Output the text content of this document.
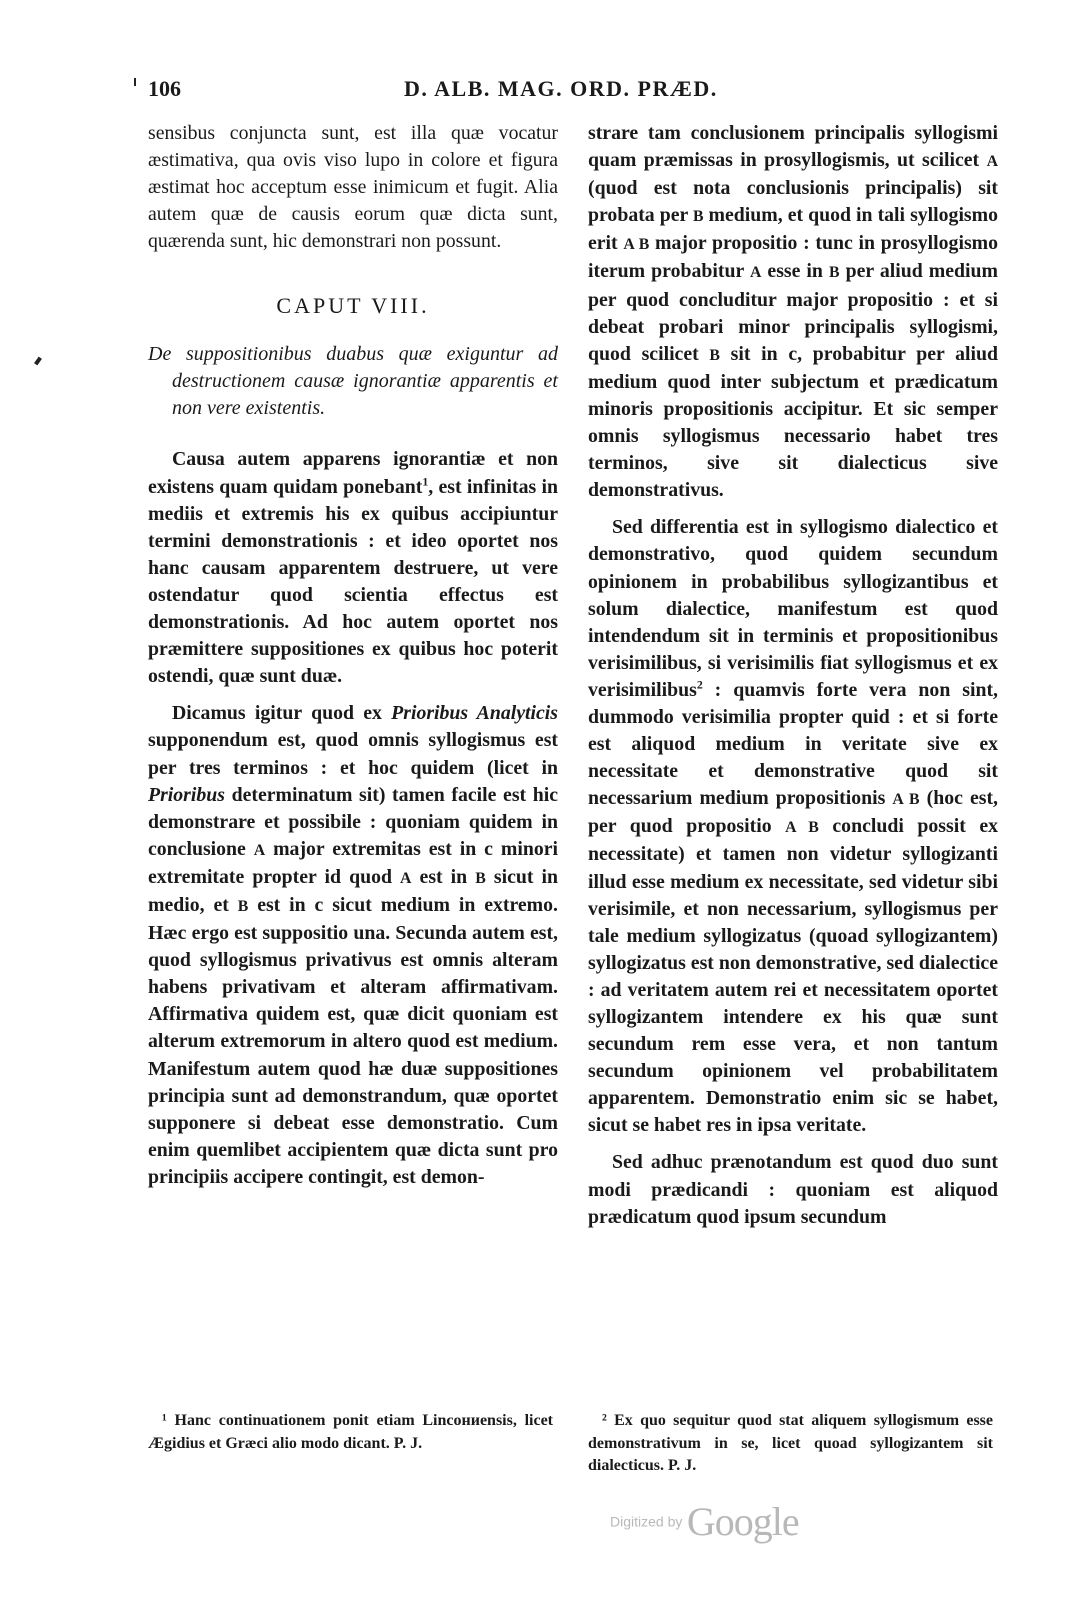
106	D. ALB. MAG. ORD. PRÆD.

sensibus conjuncta sunt, est illa quæ vocatur æstimativa, qua ovis viso lupo in colore et figura æstimat hoc acceptum esse inimicum et fugit. Alia autem quæ de causis eorum quæ dicta sunt, quærenda sunt, hic demonstrari non possunt.

CAPUT VIII.

De suppositionibus duabus quæ exiguntur ad destructionem causæ ignorantiæ apparentis et non vere existentis.

Causa autem apparens ignorantiæ et non existens quam quidam ponebant$^1$, est infinitas in mediis et extremis his ex quibus accipiuntur termini demonstrationis : et ideo oportet nos hanc causam apparentem destruere, ut vere ostendatur quod scientia effectus est demonstrationis. Ad hoc autem oportet nos præmittere suppositiones ex quibus hoc poterit ostendi, quæ sunt duæ.

Dicamus igitur quod ex Prioribus Analyticis supponendum est, quod omnis syllogismus est per tres terminos : et hoc quidem (licet in Prioribus determinatum sit) tamen facile est hic demonstrare et possibile : quoniam quidem in conclusione A major extremitas est in c minori extremitate propter id quod A est in B sicut in medio, et B est in c sicut medium in extremo. Hæc ergo est suppositio una. Secunda autem est, quod syllogismus privativus est omnis alteram habens privativam et alteram affirmativam. Affirmativa quidem est, quæ dicit quoniam est alterum extremorum in altero quod est medium. Manifestum autem quod hæ duæ suppositiones principia sunt ad demonstrandum, quæ oportet supponere si debeat esse demonstratio. Cum enim quemlibet accipientem quæ dicta sunt pro principiis accipere contingit, est demon-

strare tam conclusionem principalis syllogismi quam præmissas in prosyllogismis, ut scilicet A (quod est nota conclusionis principalis) sit probata per B medium, et quod in tali syllogismo erit A B major propositio : tunc in prosyllogismo iterum probabitur A esse in B per aliud medium per quod concluditur major propositio : et si debeat probari minor principalis syllogismi, quod scilicet B sit in c, probabitur per aliud medium quod inter subjectum et prædicatum minoris propositionis accipitur. Et sic semper omnis syllogismus necessario habet tres terminos, sive sit dialecticus sive demonstrativus.

Sed differentia est in syllogismo dialectico et demonstrativo, quod quidem secundum opinionem in probabilibus syllogizantibus et solum dialectice, manifestum est quod intendendum sit in terminis et propositionibus verisimilibus, si verisimilis fiat syllogismus et ex verisimilibus$^2$ : quamvis forte vera non sint, dummodo verisimilia propter quid : et si forte est aliquod medium in veritate sive ex necessitate et demonstrative quod sit necessarium medium propositionis A B (hoc est, per quod propositio A B concludi possit ex necessitate) et tamen non videtur syllogizanti illud esse medium ex necessitate, sed videtur sibi verisimile, et non necessarium, syllogismus per tale medium syllogizatus (quoad syllogizantem) syllogizatus est non demonstrative, sed dialectice : ad veritatem autem rei et necessitatem oportet syllogizantem intendere ex his quæ sunt secundum rem esse vera, et non tantum secundum opinionem vel probabilitatem apparentem. Demonstratio enim sic se habet, sicut se habet res in ipsa veritate.

Sed adhuc prænotandum est quod duo sunt modi prædicandi : quoniam est aliquod prædicatum quod ipsum secundum

¹ Hanc continuationem ponit etiam Lincониensis, licet Ægidius et Græci alio modo dicant. P. J.
² Ex quo sequitur quod stat aliquem syllogismum esse demonstrativum in se, licet quoad syllogizantem sit dialecticus. P. J.
Digitized by Google
